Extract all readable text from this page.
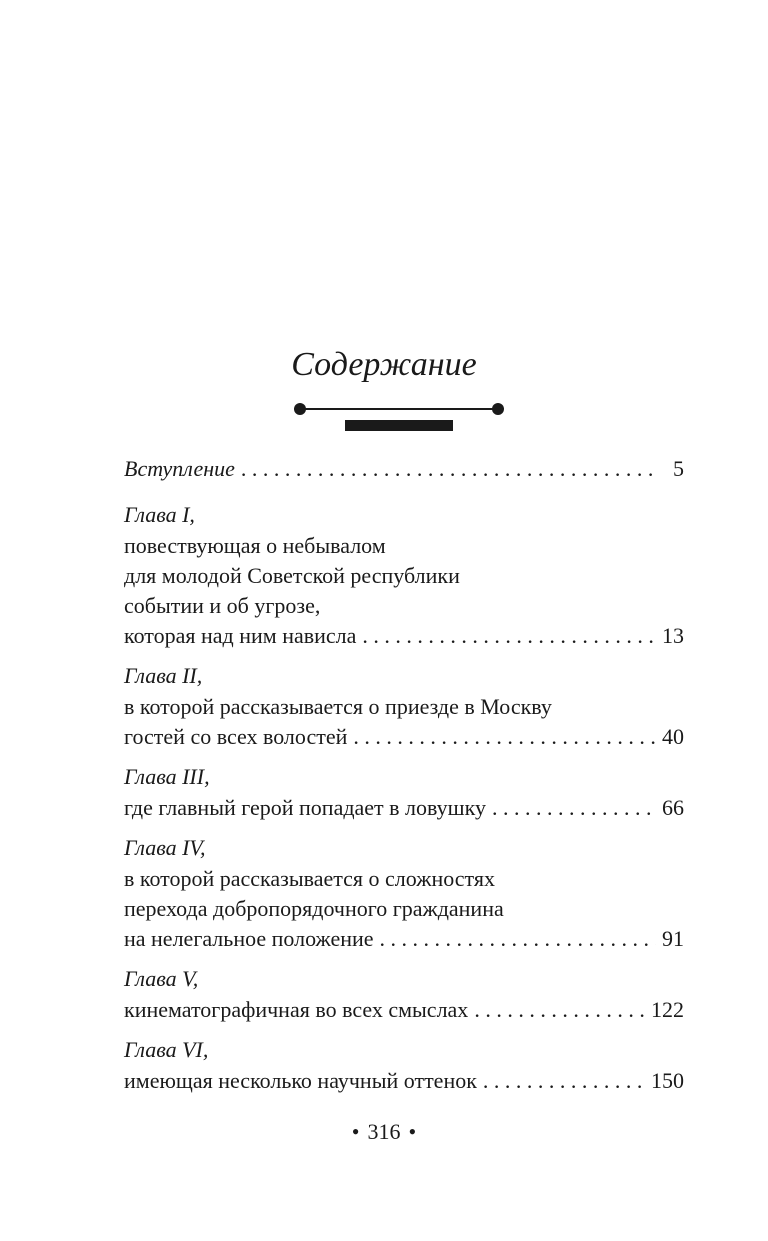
Содержание
Вступление . . .	5
Глава I,
повествующая о небывалом
для молодой Советской республики
событии и об угрозе,
которая над ним нависла . . .	13
Глава II,
в которой рассказывается о приезде в Москву
гостей со всех волостей . . .	40
Глава III,
где главный герой попадает в ловушку . . .	66
Глава IV,
в которой рассказывается о сложностях
перехода добропорядочного гражданина
на нелегальное положение . . .	91
Глава V,
кинематографичная во всех смыслах . . .	122
Глава VI,
имеющая несколько научный оттенок . . .	150
• 316 •
